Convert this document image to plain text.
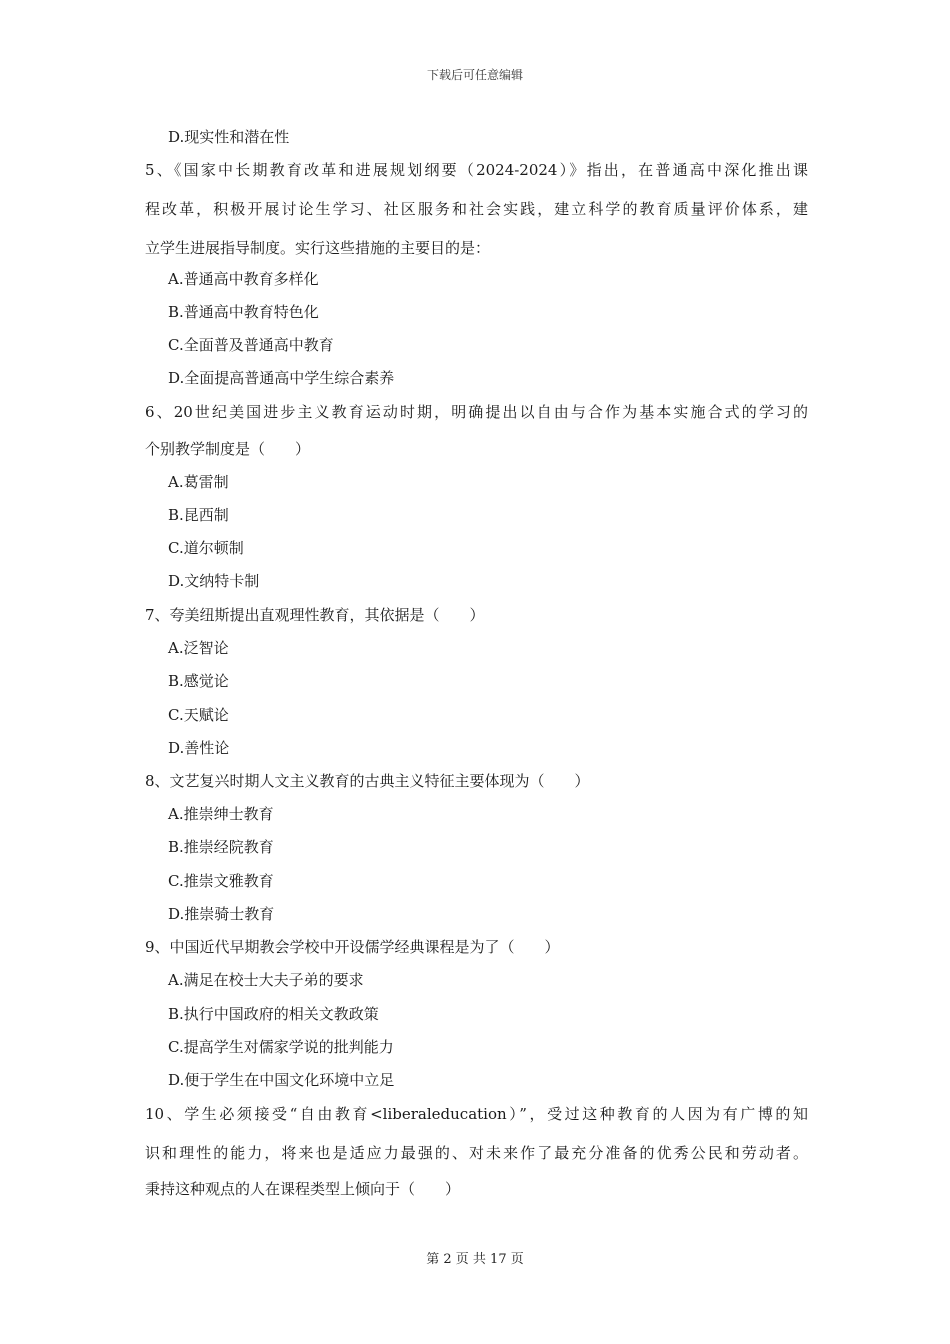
下载后可任意编辑
D.现实性和潜在性
5、《国家中长期教育改革和进展规划纲要（2024-2024）》指出，在普通高中深化推出课
程改革，积极开展讨论生学习、社区服务和社会实践，建立科学的教育质量评价体系，建
立学生进展指导制度。实行这些措施的主要目的是：
A.普通高中教育多样化
B.普通高中教育特色化
C.全面普及普通高中教育
D.全面提高普通高中学生综合素养
6、20世纪美国进步主义教育运动时期，明确提出以自由与合作为基本实施合式的学习的
个别教学制度是（　　）
A.葛雷制
B.昆西制
C.道尔顿制
D.文纳特卡制
7、夸美纽斯提出直观理性教育，其依据是（　　）
A.泛智论
B.感觉论
C.天赋论
D.善性论
8、文艺复兴时期人文主义教育的古典主义特征主要体现为（　　）
A.推崇绅士教育
B.推崇经院教育
C.推崇文雅教育
D.推崇骑士教育
9、中国近代早期教会学校中开设儒学经典课程是为了（　　）
A.满足在校士大夫子弟的要求
B.执行中国政府的相关文教政策
C.提高学生对儒家学说的批判能力
D.便于学生在中国文化环境中立足
10、学生必须接受“自由教育<liberaleducation）”，受过这种教育的人因为有广博的知
识和理性的能力，将来也是适应力最强的、对未来作了最充分准备的优秀公民和劳动者。
秉持这种观点的人在课程类型上倾向于（　　）
第 2 页 共 17 页
